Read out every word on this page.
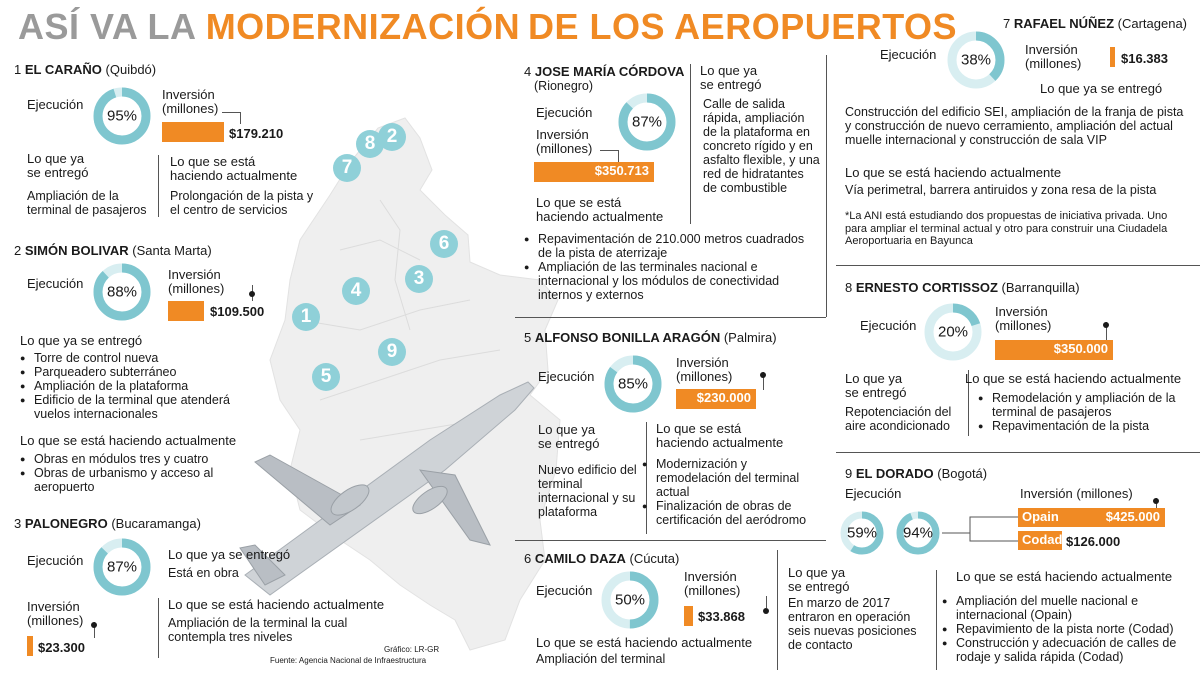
8 2
7
6
3
4
1
9
5
ASÍ VA LA MODERNIZACIÓN DE LOS AEROPUERTOS
1 EL CARAÑO (Quibdó)
Ejecución
95%
Inversión
(millones)
$179.210
Lo que ya
se entregó
Ampliación de la terminal de pasajeros
Lo que se está
haciendo actualmente
Prolongación de la pista y el centro de servicios
2 SIMÓN BOLIVAR (Santa Marta)
Ejecución 88%
Inversión
(millones)
$109.500
Lo que ya se entregó
● Torre de control nueva
● Parqueadero subterráneo
● Ampliación de la plataforma
● Edificio de la terminal que atenderá vuelos internacionales
Lo que se está haciendo actualmente
● Obras en módulos tres y cuatro
● Obras de urbanismo y acceso al aeropuerto
3 PALONEGRO (Bucaramanga)
Ejecución 87%
Lo que ya se entregó
Está en obra
Inversión
(millones)
$23.300
Lo que se está haciendo actualmente
Ampliación de la terminal la cual contempla tres niveles
Gráfico: LR-GR
Fuente: Agencia Nacional de Infraestructura
4 JOSE MARÍA CÓRDOVA
(Rionegro)
Ejecución
87%
Inversión
(millones)
$350.713
Lo que se está
haciendo actualmente
Lo que ya
se entregó
Calle de salida rápida, ampliación de la plataforma en concreto rígido y en asfalto flexible, y una red de hidratantes de combustible
● Repavimentación de 210.000 metros cuadrados de la pista de aterrizaje
● Ampliación de las terminales nacional e internacional y los módulos de conectividad internos y externos
5 ALFONSO BONILLA ARAGÓN (Palmira)
Ejecución 85%
Inversión
(millones)
$230.000
Lo que ya
se entregó
Nuevo edificio del terminal internacional y su plataforma
Lo que se está
haciendo actualmente
● Modernización y remodelación del terminal actual
● Finalización de obras de certificación del aeródromo
6 CAMILO DAZA (Cúcuta)
Ejecución
50%
Inversión
(millones)
$33.868
Lo que se está haciendo actualmente
Ampliación del terminal
Lo que ya
se entregó
En marzo de 2017 entraron en operación seis nuevas posiciones de contacto
7 RAFAEL NÚÑEZ (Cartagena)
Ejecución 38%
Inversión
(millones)	$16.383
Lo que ya se entregó
Construcción del edificio SEI, ampliación de la franja de pista y construcción de nuevo cerramiento, ampliación del actual muelle internacional y construcción de sala VIP
Lo que se está haciendo actualmente
Vía perimetral, barrera antiruidos y zona resa de la pista
*La ANI está estudiando dos propuestas de iniciativa privada. Uno para ampliar el terminal actual y otro para construir una Ciudadela Aeroportuaria en Bayunca
8 ERNESTO CORTISSOZ (Barranquilla)
Ejecución 20%
Inversión
(millones)
$350.000
Lo que ya
se entregó
Repotenciación del aire acondicionado
Lo que se está haciendo actualmente
● Remodelación y ampliación de la terminal de pasajeros
● Repavimentación de la pista
9 EL DORADO (Bogotá)
Ejecución
59% 94%
Inversión (millones)
Opain	$425.000
Codad $126.000
Lo que se está haciendo actualmente
● Ampliación del muelle nacional e internacional (Opain)
● Repavimiento de la pista norte (Codad)
● Construcción y adecuación de calles de rodaje y salida rápida (Codad)
